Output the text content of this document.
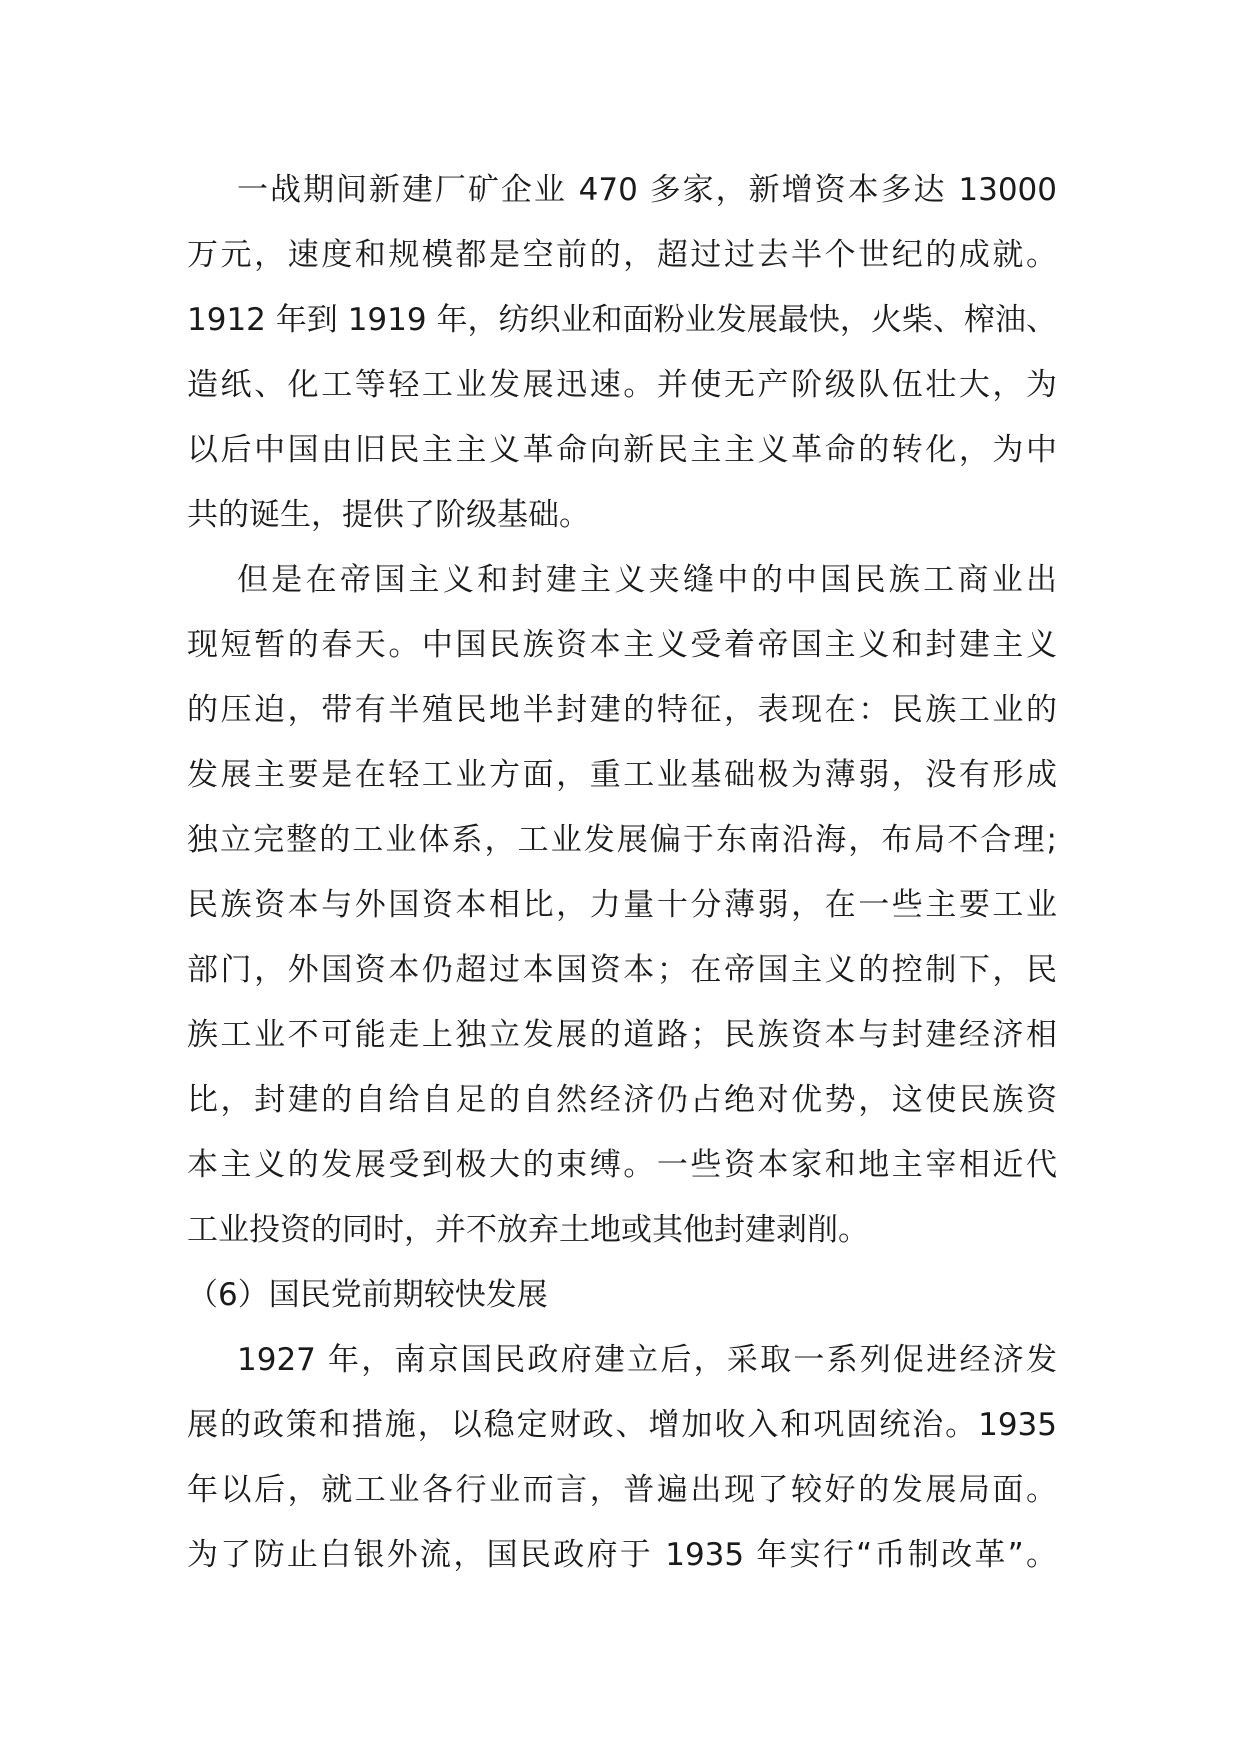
一战期间新建厂矿企业 470 多家，新增资本多达 13000
万元，速度和规模都是空前的，超过过去半个世纪的成就。
1912 年到 1919 年，纺织业和面粉业发展最快，火柴、榨油、
造纸、化工等轻工业发展迅速。并使无产阶级队伍壮大，为
以后中国由旧民主主义革命向新民主主义革命的转化，为中
共的诞生，提供了阶级基础。
但是在帝国主义和封建主义夹缝中的中国民族工商业出
现短暂的春天。中国民族资本主义受着帝国主义和封建主义
的压迫，带有半殖民地半封建的特征，表现在：民族工业的
发展主要是在轻工业方面，重工业基础极为薄弱，没有形成
独立完整的工业体系，工业发展偏于东南沿海，布局不合理;
民族资本与外国资本相比，力量十分薄弱，在一些主要工业
部门，外国资本仍超过本国资本；在帝国主义的控制下，民
族工业不可能走上独立发展的道路；民族资本与封建经济相
比，封建的自给自足的自然经济仍占绝对优势，这使民族资
本主义的发展受到极大的束缚。一些资本家和地主宰相近代
工业投资的同时，并不放弃土地或其他封建剥削。
（6）国民党前期较快发展
1927 年，南京国民政府建立后，采取一系列促进经济发
展的政策和措施，以稳定财政、增加收入和巩固统治。1935
年以后，就工业各行业而言，普遍出现了较好的发展局面。
为了防止白银外流，国民政府于 1935 年实行“币制改革”。
